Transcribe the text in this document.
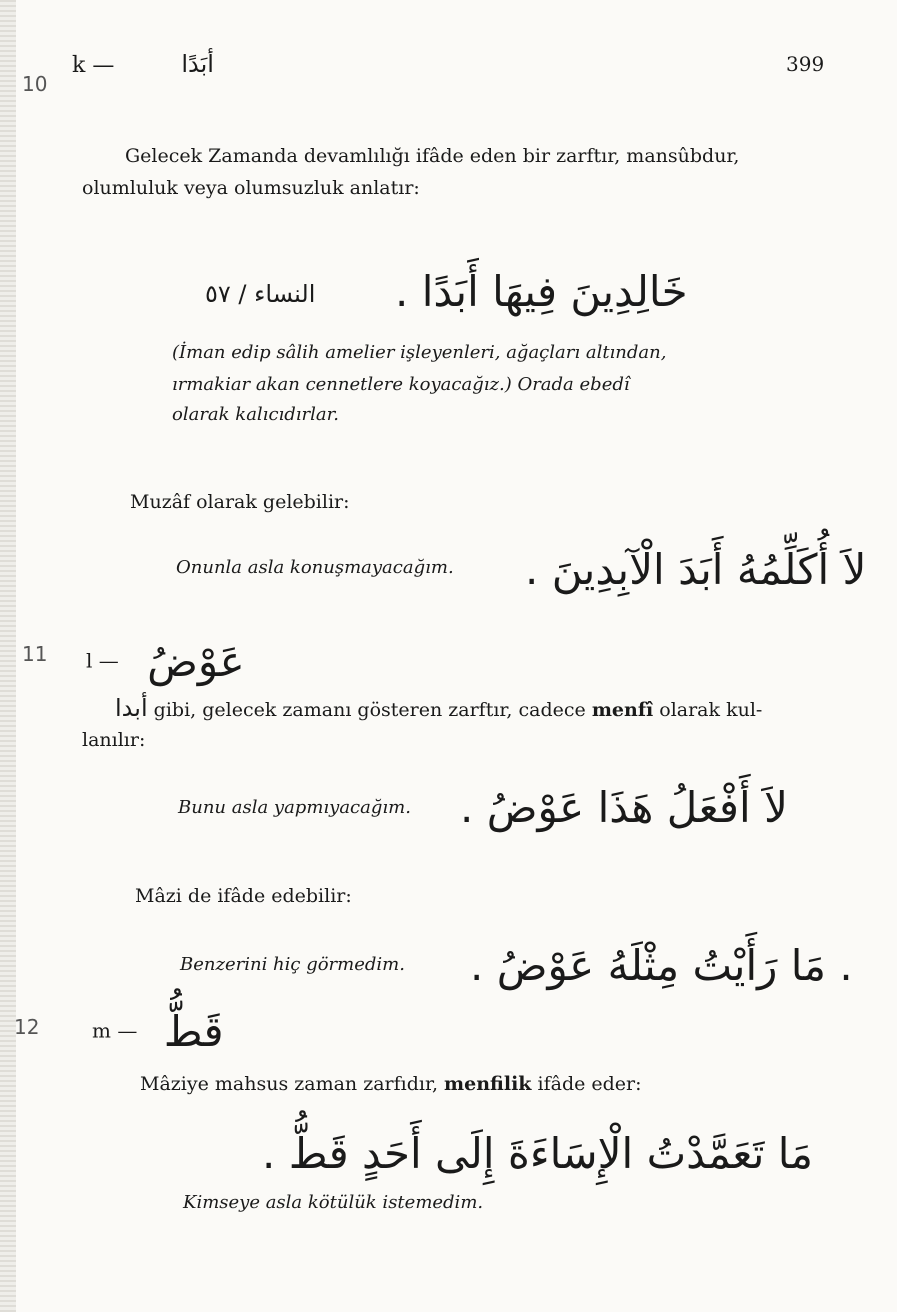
10
11
12
k —	أبَدًا	399
Gelecek Zamanda devamlılığı ifâde eden bir zarftır, mansûbdur,
olumluluk veya olumsuzluk anlatır:
النساء / ٥٧ خَالِدِينَ فِيهَا أَبَدًا .
(İman edip sâlih amelier işleyenleri, ağaçları altından,
ırmakiar akan cennetlere koyacağız.) Orada ebedî
olarak kalıcıdırlar.
Muzâf olarak gelebilir:
Onunla asla konuşmayacağım. لاَ أُكَلِّمُهُ أَبَدَ الْآبِدِينَ .
l — عَوْضُ
أبدا gibi, gelecek zamanı gösteren zarftır, cadece menfî olarak kul-
lanılır:
Bunu asla yapmıyacağım. لاَ أَفْعَلُ هَذَا عَوْضُ .
Mâzi de ifâde edebilir:
Benzerini hiç görmedim. . مَا رَأَيْتُ مِثْلَهُ عَوْضُ .
m — قَطُّ
Mâziye mahsus zaman zarfıdır, menfilik ifâde eder:
مَا تَعَمَّدْتُ الْإِسَاءَةَ إِلَى أَحَدٍ قَطُّ .
Kimseye asla kötülük istemedim.
